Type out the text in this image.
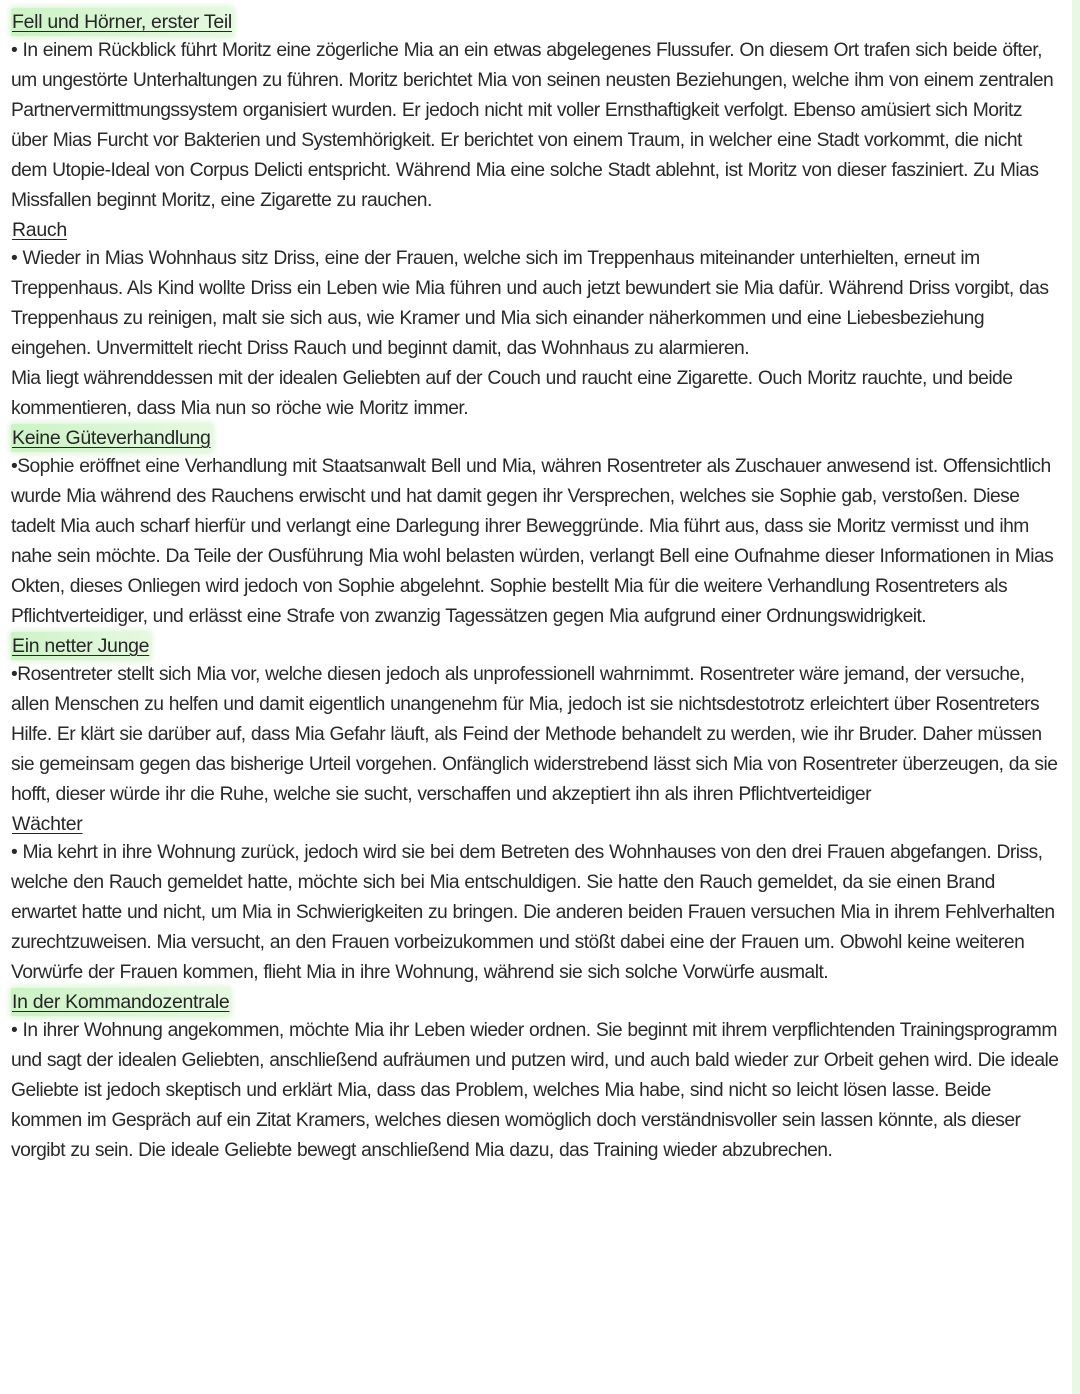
Fell und Hörner, erster Teil

• In einem Rückblick führt Moritz eine zögerliche Mia an ein etwas abgelegenes Flussufer. On diesem Ort trafen sich beide öfter, um ungestörte Unterhaltungen zu führen. Moritz berichtet Mia von seinen neusten Beziehungen, welche ihm von einem zentralen Partnervermittmungssystem organisiert wurden. Er jedoch nicht mit voller Ernsthaftigkeit verfolgt. Ebenso amüsiert sich Moritz über Mias Furcht vor Bakterien und Systemhörigkeit. Er berichtet von einem Traum, in welcher eine Stadt vorkommt, die nicht dem Utopie-Ideal von Corpus Delicti entspricht. Während Mia eine solche Stadt ablehnt, ist Moritz von dieser fasziniert. Zu Mias Missfallen beginnt Moritz, eine Zigarette zu rauchen.

Rauch

• Wieder in Mias Wohnhaus sitz Driss, eine der Frauen, welche sich im Treppenhaus miteinander unterhielten, erneut im Treppenhaus. Als Kind wollte Driss ein Leben wie Mia führen und auch jetzt bewundert sie Mia dafür. Während Driss vorgibt, das Treppenhaus zu reinigen, malt sie sich aus, wie Kramer und Mia sich einander näherkommen und eine Liebesbeziehung eingehen. Unvermittelt riecht Driss Rauch und beginnt damit, das Wohnhaus zu alarmieren.

Mia liegt währenddessen mit der idealen Geliebten auf der Couch und raucht eine Zigarette. Ouch Moritz rauchte, und beide kommentieren, dass Mia nun so röche wie Moritz immer.

Keine Güteverhandlung

•Sophie eröffnet eine Verhandlung mit Staatsanwalt Bell und Mia, währen Rosentreter als Zuschauer anwesend ist. Offensichtlich wurde Mia während des Rauchens erwischt und hat damit gegen ihr Versprechen, welches sie Sophie gab, verstoßen. Diese tadelt Mia auch scharf hierfür und verlangt eine Darlegung ihrer Beweggründe. Mia führt aus, dass sie Moritz vermisst und ihm nahe sein möchte. Da Teile der Ousführung Mia wohl belasten würden, verlangt Bell eine Oufnahme dieser Informationen in Mias Okten, dieses Onliegen wird jedoch von Sophie abgelehnt. Sophie bestellt Mia für die weitere Verhandlung Rosentreters als Pflichtverteidiger, und erlässt eine Strafe von zwanzig Tagessätzen gegen Mia aufgrund einer Ordnungswidrigkeit.

Ein netter Junge

•Rosentreter stellt sich Mia vor, welche diesen jedoch als unprofessionell wahrnimmt. Rosentreter wäre jemand, der versuche, allen Menschen zu helfen und damit eigentlich unangenehm für Mia, jedoch ist sie nichtsdestotrotz erleichtert über Rosentreters Hilfe. Er klärt sie darüber auf, dass Mia Gefahr läuft, als Feind der Methode behandelt zu werden, wie ihr Bruder. Daher müssen sie gemeinsam gegen das bisherige Urteil vorgehen. Onfänglich widerstrebend lässt sich Mia von Rosentreter überzeugen, da sie hofft, dieser würde ihr die Ruhe, welche sie sucht, verschaffen und akzeptiert ihn als ihren Pflichtverteidiger

Wächter

• Mia kehrt in ihre Wohnung zurück, jedoch wird sie bei dem Betreten des Wohnhauses von den drei Frauen abgefangen. Driss, welche den Rauch gemeldet hatte, möchte sich bei Mia entschuldigen. Sie hatte den Rauch gemeldet, da sie einen Brand erwartet hatte und nicht, um Mia in Schwierigkeiten zu bringen. Die anderen beiden Frauen versuchen Mia in ihrem Fehlverhalten zurechtzuweisen. Mia versucht, an den Frauen vorbeizukommen und stößt dabei eine der Frauen um. Obwohl keine weiteren Vorwürfe der Frauen kommen, flieht Mia in ihre Wohnung, während sie sich solche Vorwürfe ausmalt.

In der Kommandozentrale

• In ihrer Wohnung angekommen, möchte Mia ihr Leben wieder ordnen. Sie beginnt mit ihrem verpflichtenden Trainingsprogramm und sagt der idealen Geliebten, anschließend aufräumen und putzen wird, und auch bald wieder zur Orbeit gehen wird. Die ideale Geliebte ist jedoch skeptisch und erklärt Mia, dass das Problem, welches Mia habe, sind nicht so leicht lösen lasse. Beide kommen im Gespräch auf ein Zitat Kramers, welches diesen womöglich doch verständnisvoller sein lassen könnte, als dieser vorgibt zu sein. Die ideale Geliebte bewegt anschließend Mia dazu, das Training wieder abzubrechen.
